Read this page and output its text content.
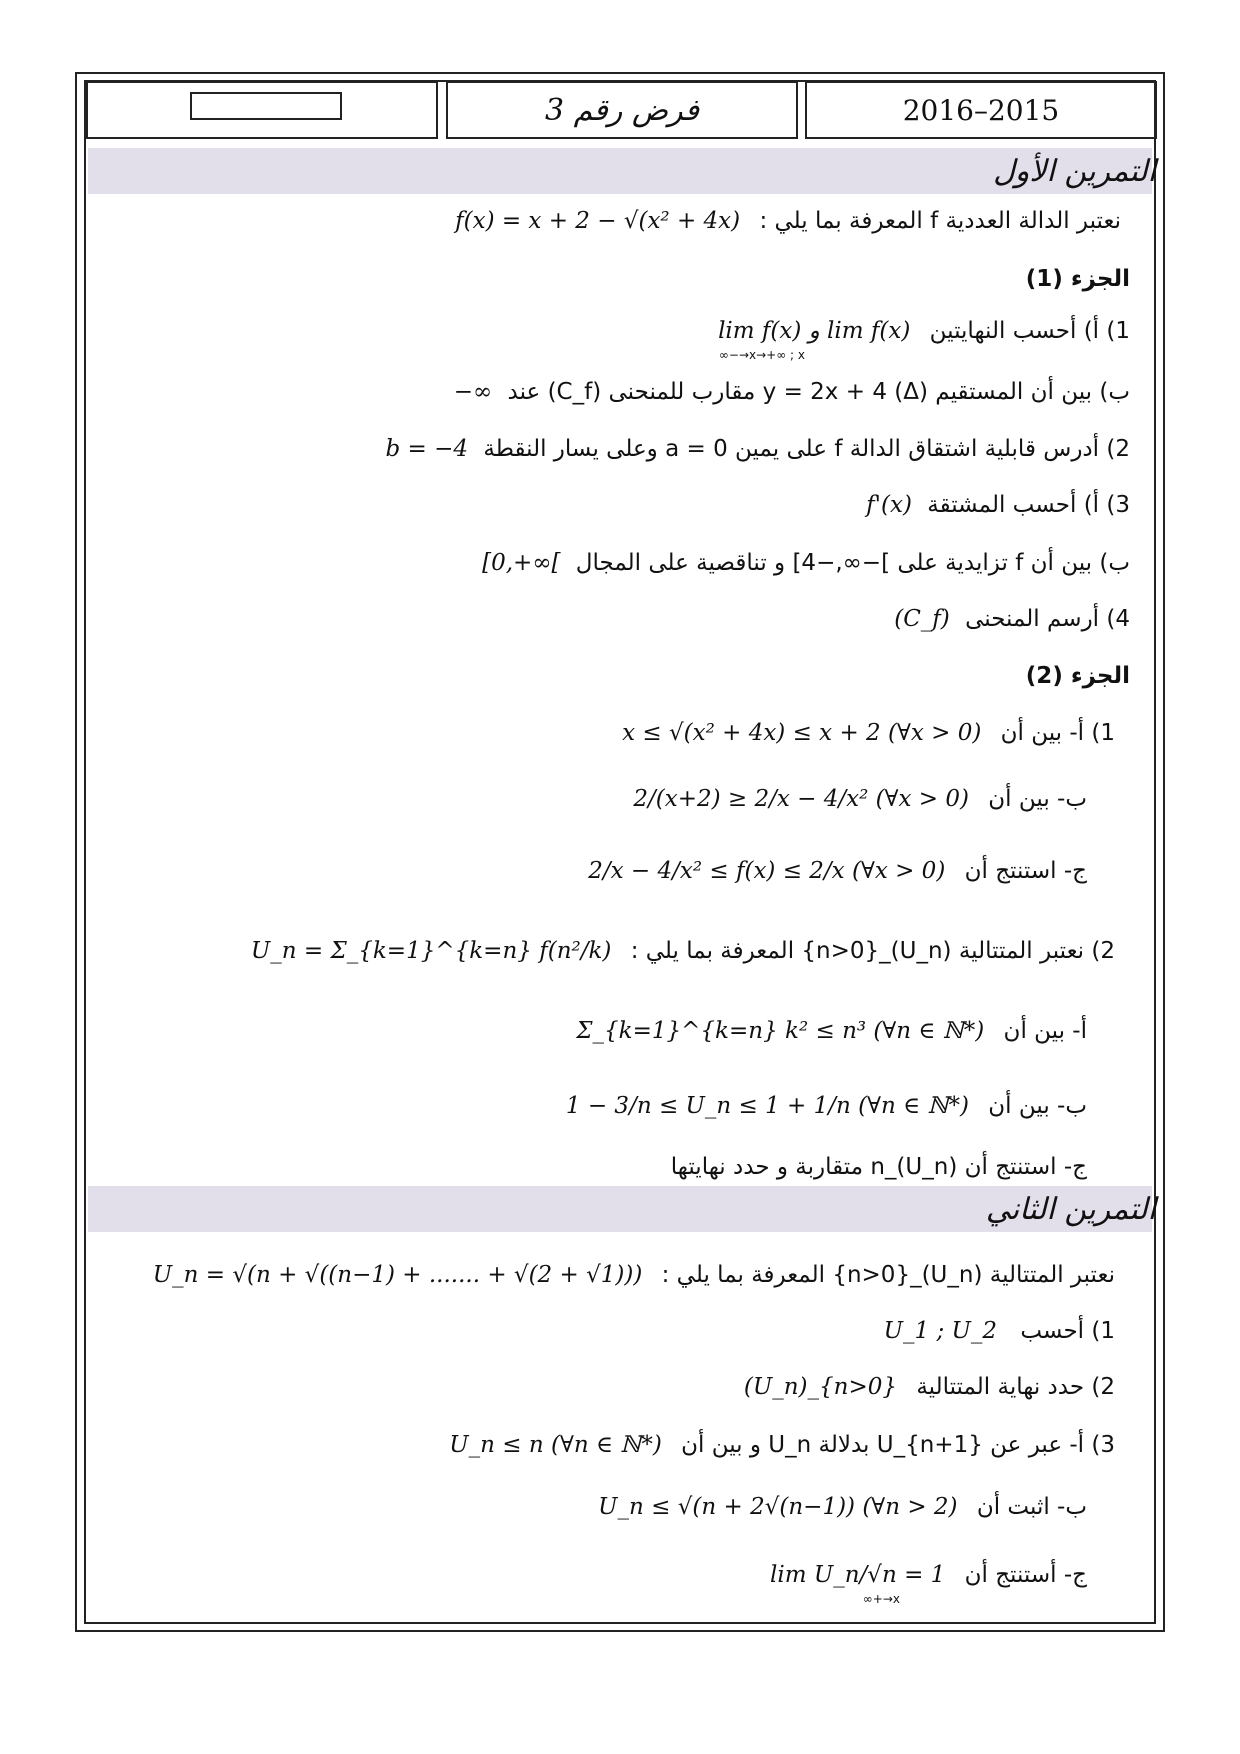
2016–2015
فرض رقم 3
التمرين الأول
نعتبر الدالة العددية f المعرفة بما يلي : f(x) = x + 2 − √(x² + 4x)
الجزء (1)
1) أ) أحسب النهايتين lim f(x) و lim f(x)
x→+∞ ; x→−∞
ب) بين أن المستقيم (Δ) y = 2x + 4 مقارب للمنحنى (C_f) عند −∞
2) أدرس قابلية اشتقاق الدالة f على يمين a = 0 وعلى يسار النقطة b = −4
3) أ) أحسب المشتقة f'(x)
ب) بين أن f تزايدية على ]−∞,−4] و تناقصية على المجال [0,+∞[
4) أرسم المنحنى (C_f)
الجزء (2)
1) أ- بين أن x ≤ √(x² + 4x) ≤ x + 2 (∀x > 0)
ب- بين أن 2/(x+2) ≥ 2/x − 4/x² (∀x > 0)
ج- استنتج أن 2/x − 4/x² ≤ f(x) ≤ 2/x (∀x > 0)
2) نعتبر المتتالية (U_n)_{n>0} المعرفة بما يلي : U_n = Σ_{k=1}^{k=n} f(n²/k)
أ- بين أن Σ_{k=1}^{k=n} k² ≤ n³ (∀n ∈ ℕ*)
ب- بين أن 1 − 3/n ≤ U_n ≤ 1 + 1/n (∀n ∈ ℕ*)
ج- استنتج أن (U_n)_n متقاربة و حدد نهايتها
التمرين الثاني
نعتبر المتتالية (U_n)_{n>0} المعرفة بما يلي : U_n = √(n + √((n−1) + ....... + √(2 + √1)))
1) أحسب U_1 ; U_2
2) حدد نهاية المتتالية (U_n)_{n>0}
3) أ- عبر عن U_{n+1} بدلالة U_n و بين أن U_n ≤ n (∀n ∈ ℕ*)
ب- اثبت أن U_n ≤ √(n + 2√(n−1)) (∀n > 2)
ج- أستنتج أن lim U_n/√n = 1
x→+∞
